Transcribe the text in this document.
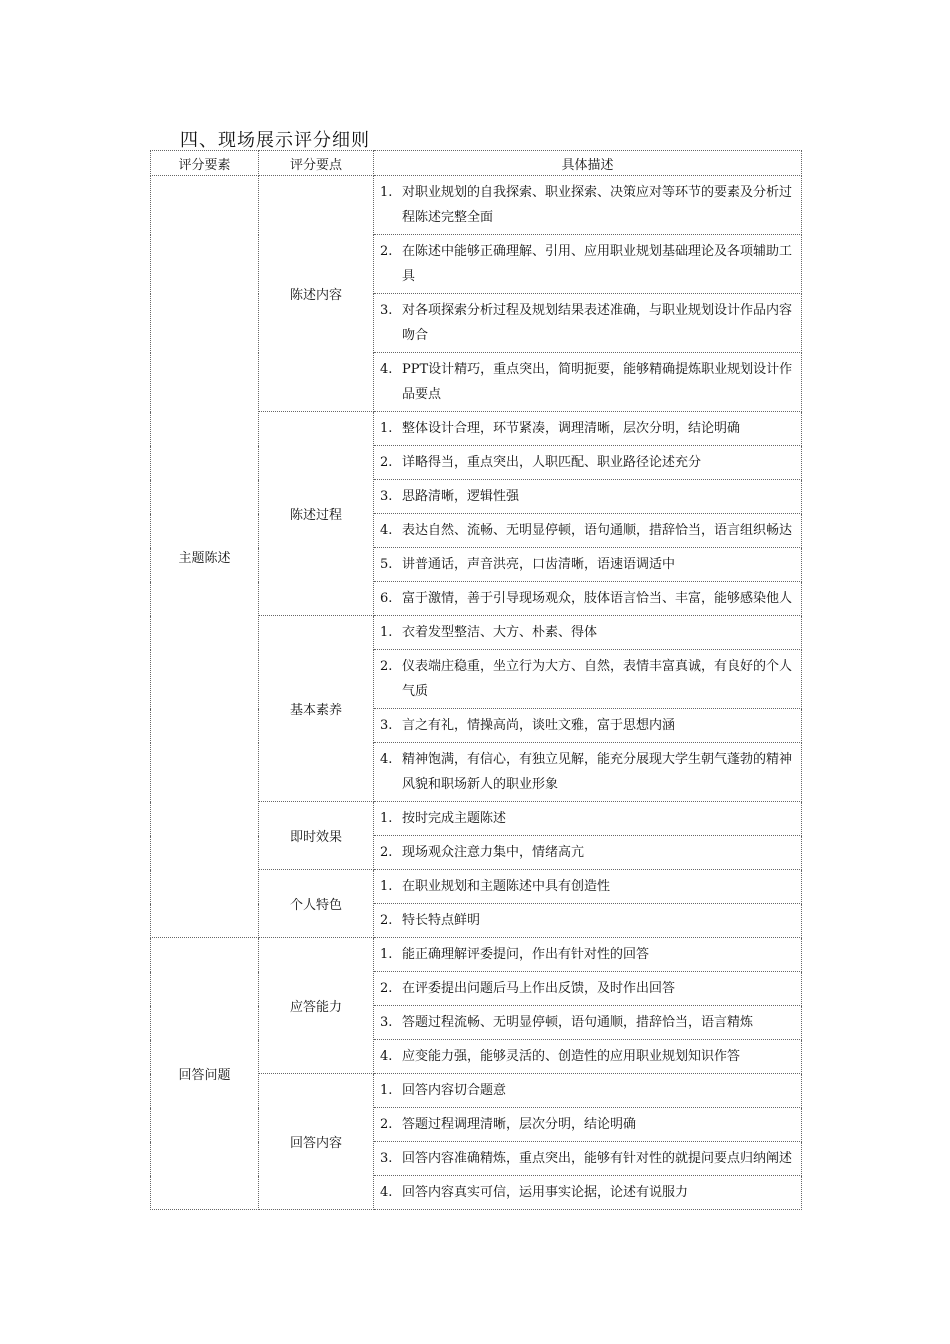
四、现场展示评分细则
评分要素	评分要点	具体描述
主题陈述	陈述内容	1. 对职业规划的自我探索、职业探索、决策应对等环节的要素及分析过程陈述完整全面

		2. 在陈述中能够正确理解、引用、应用职业规划基础理论及各项辅助工具

		3. 对各项探索分析过程及规划结果表述准确，与职业规划设计作品内容吻合

		4. PPT设计精巧，重点突出，简明扼要，能够精确提炼职业规划设计作品要点

	陈述过程	1. 整体设计合理，环节紧凑，调理清晰，层次分明，结论明确

		2. 详略得当，重点突出，人职匹配、职业路径论述充分

		3. 思路清晰，逻辑性强

		4. 表达自然、流畅、无明显停顿，语句通顺，措辞恰当，语言组织畅达

		5. 讲普通话，声音洪亮，口齿清晰，语速语调适中

		6. 富于激情，善于引导现场观众，肢体语言恰当、丰富，能够感染他人

	基本素养	1. 衣着发型整洁、大方、朴素、得体

		2. 仪表端庄稳重，坐立行为大方、自然，表情丰富真诚，有良好的个人气质

		3. 言之有礼，情操高尚，谈吐文雅，富于思想内涵

		4. 精神饱满，有信心，有独立见解，能充分展现大学生朝气蓬勃的精神风貌和职场新人的职业形象

	即时效果	1. 按时完成主题陈述

		2. 现场观众注意力集中，情绪高亢

	个人特色	1. 在职业规划和主题陈述中具有创造性

		2. 特长特点鲜明

回答问题	应答能力	1. 能正确理解评委提问，作出有针对性的回答

		2. 在评委提出问题后马上作出反馈，及时作出回答

		3. 答题过程流畅、无明显停顿，语句通顺，措辞恰当，语言精炼

		4. 应变能力强，能够灵活的、创造性的应用职业规划知识作答

	回答内容	1. 回答内容切合题意

		2. 答题过程调理清晰，层次分明，结论明确

		3. 回答内容准确精炼，重点突出，能够有针对性的就提问要点归纳阐述

		4. 回答内容真实可信，运用事实论据，论述有说服力
